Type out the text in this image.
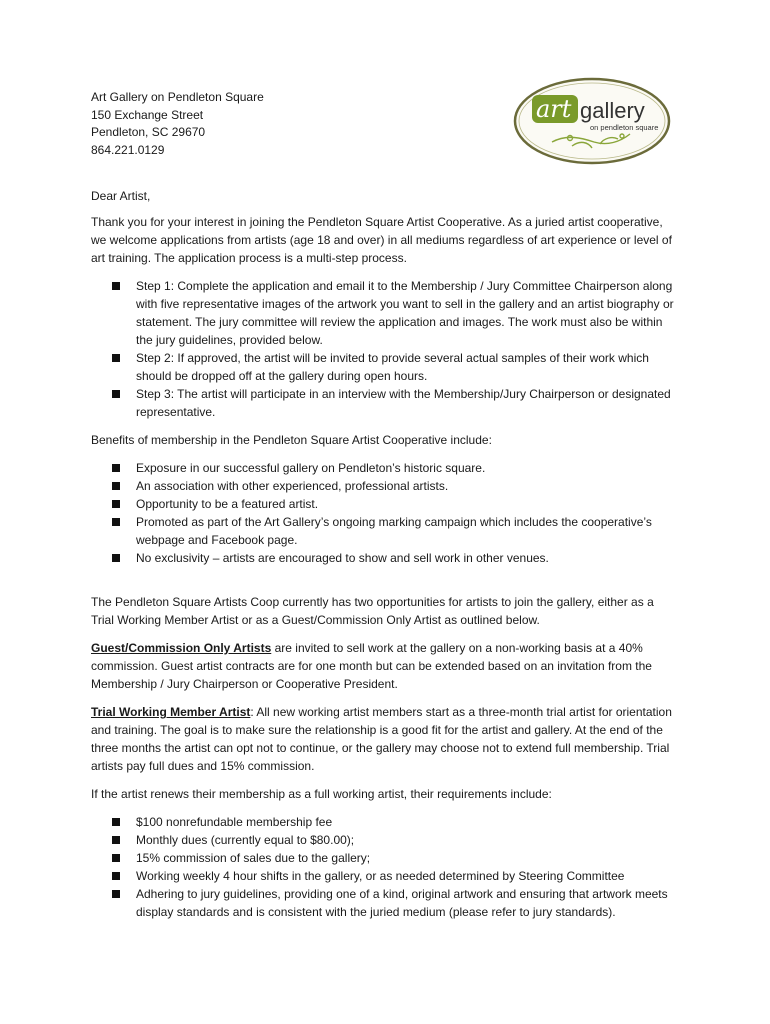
Art Gallery on Pendleton Square
150 Exchange Street
Pendleton, SC 29670
864.221.0129
art gallery
on pendleton square

Dear Artist,

Thank you for your interest in joining the Pendleton Square Artist Cooperative. As a juried artist cooperative, we welcome applications from artists (age 18 and over) in all mediums regardless of art experience or level of art training. The application process is a multi-step process.

Step 1: Complete the application and email it to the Membership / Jury Committee Chairperson along with five representative images of the artwork you want to sell in the gallery and an artist biography or statement. The jury committee will review the application and images. The work must also be within the jury guidelines, provided below.
Step 2: If approved, the artist will be invited to provide several actual samples of their work which should be dropped off at the gallery during open hours.
Step 3: The artist will participate in an interview with the Membership/Jury Chairperson or designated representative.

Benefits of membership in the Pendleton Square Artist Cooperative include:

Exposure in our successful gallery on Pendleton’s historic square.
An association with other experienced, professional artists.
Opportunity to be a featured artist.
Promoted as part of the Art Gallery’s ongoing marking campaign which includes the cooperative’s webpage and Facebook page.
No exclusivity – artists are encouraged to show and sell work in other venues.

The Pendleton Square Artists Coop currently has two opportunities for artists to join the gallery, either as a Trial Working Member Artist or as a Guest/Commission Only Artist as outlined below.

Guest/Commission Only Artists are invited to sell work at the gallery on a non-working basis at a 40% commission. Guest artist contracts are for one month but can be extended based on an invitation from the Membership / Jury Chairperson or Cooperative President.

Trial Working Member Artist: All new working artist members start as a three-month trial artist for orientation and training. The goal is to make sure the relationship is a good fit for the artist and gallery. At the end of the three months the artist can opt not to continue, or the gallery may choose not to extend full membership. Trial artists pay full dues and 15% commission.

If the artist renews their membership as a full working artist, their requirements include:

$100 nonrefundable membership fee
Monthly dues (currently equal to $80.00);
15% commission of sales due to the gallery;
Working weekly 4 hour shifts in the gallery, or as needed determined by Steering Committee
Adhering to jury guidelines, providing one of a kind, original artwork and ensuring that artwork meets display standards and is consistent with the juried medium (please refer to jury standards).
